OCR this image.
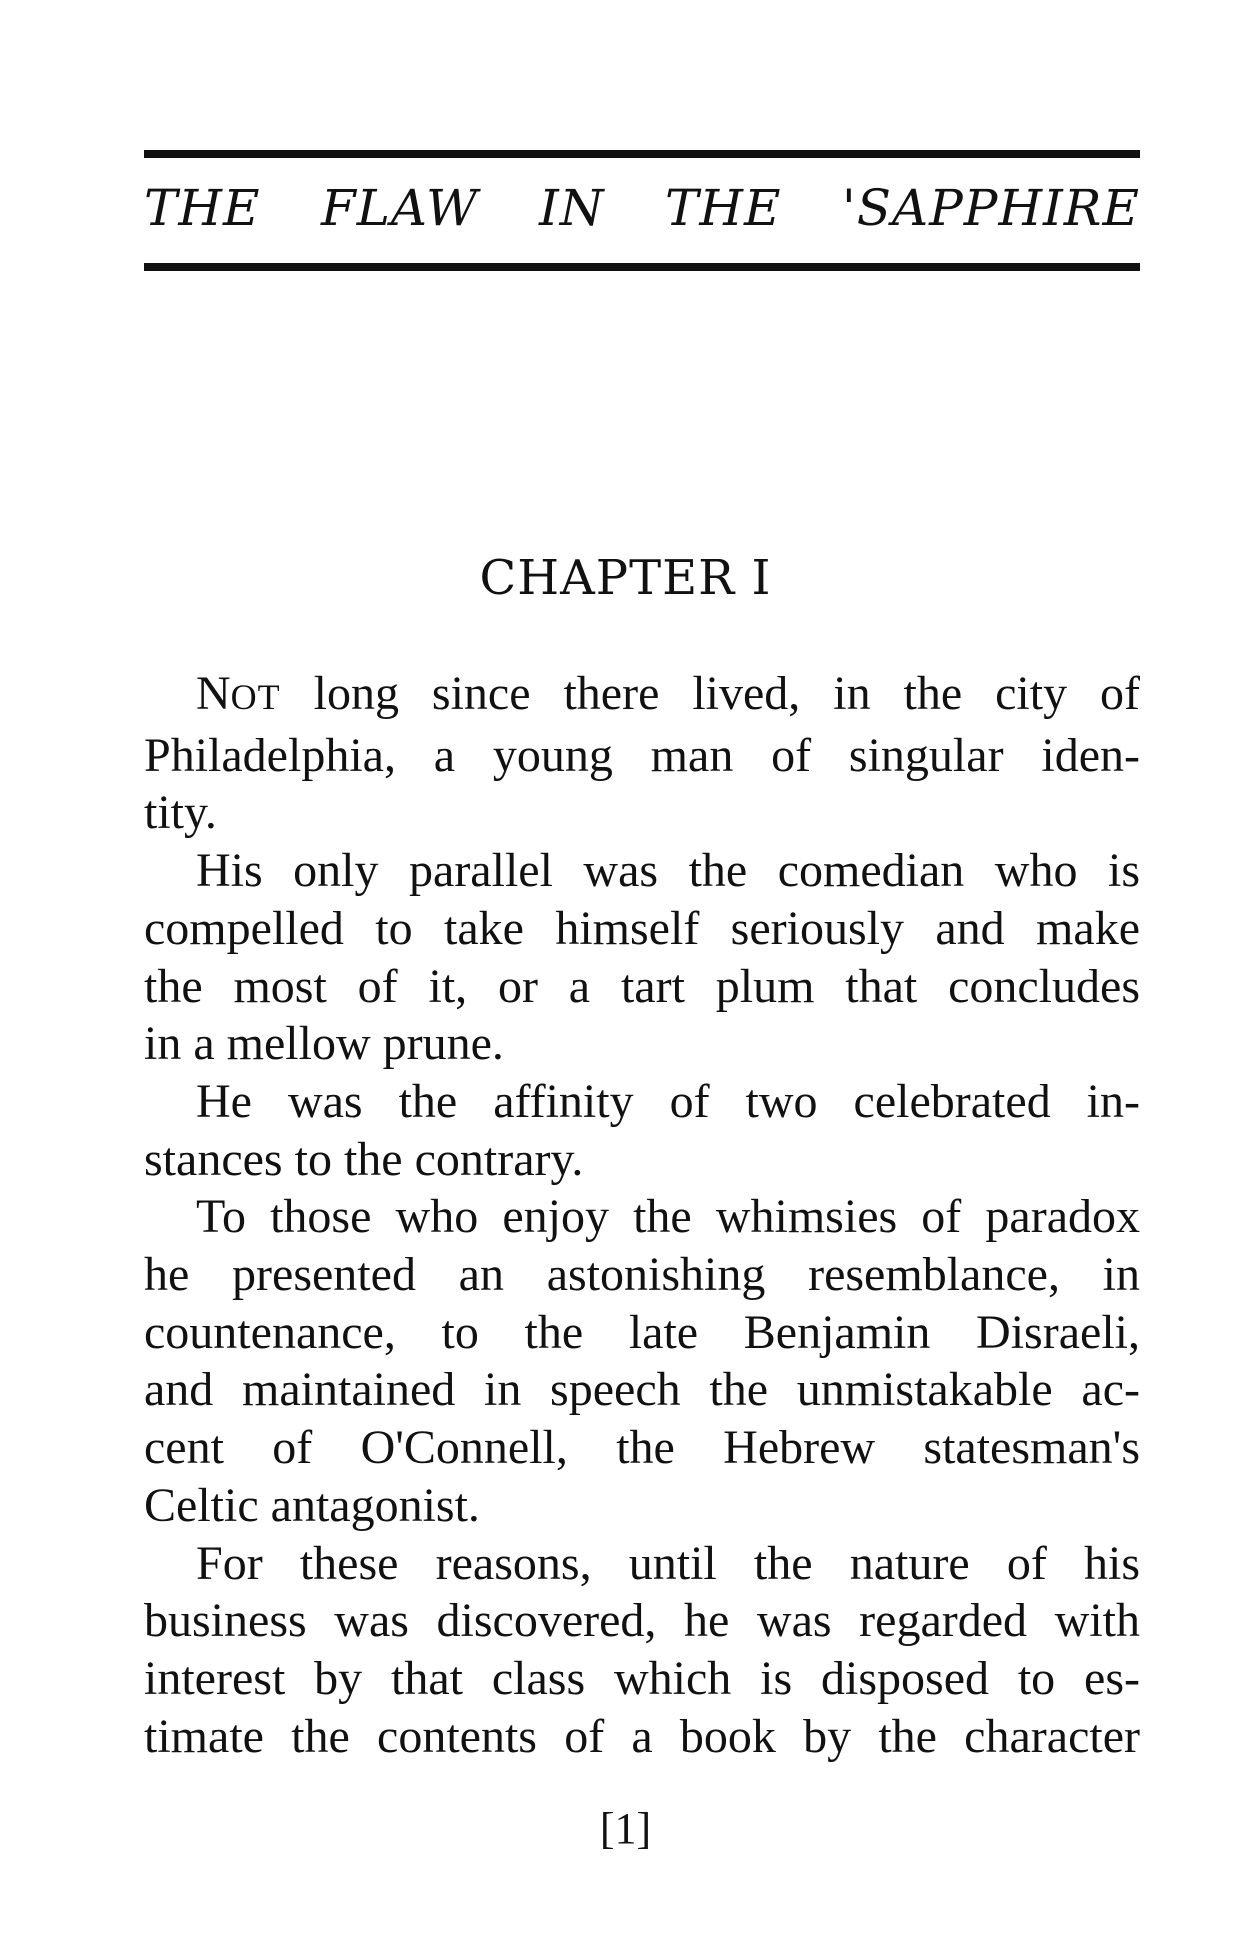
THE FLAW IN THE 'SAPPHIRE
CHAPTER I
NOT long since there lived, in the city of
Philadelphia, a young man of singular iden-
tity.
His only parallel was the comedian who is
compelled to take himself seriously and make
the most of it, or a tart plum that concludes
in a mellow prune.
He was the affinity of two celebrated in-
stances to the contrary.
To those who enjoy the whimsies of paradox
he presented an astonishing resemblance, in
countenance, to the late Benjamin Disraeli,
and maintained in speech the unmistakable ac-
cent of O'Connell, the Hebrew statesman's
Celtic antagonist.
For these reasons, until the nature of his
business was discovered, he was regarded with
interest by that class which is disposed to es-
timate the contents of a book by the character
[1]
